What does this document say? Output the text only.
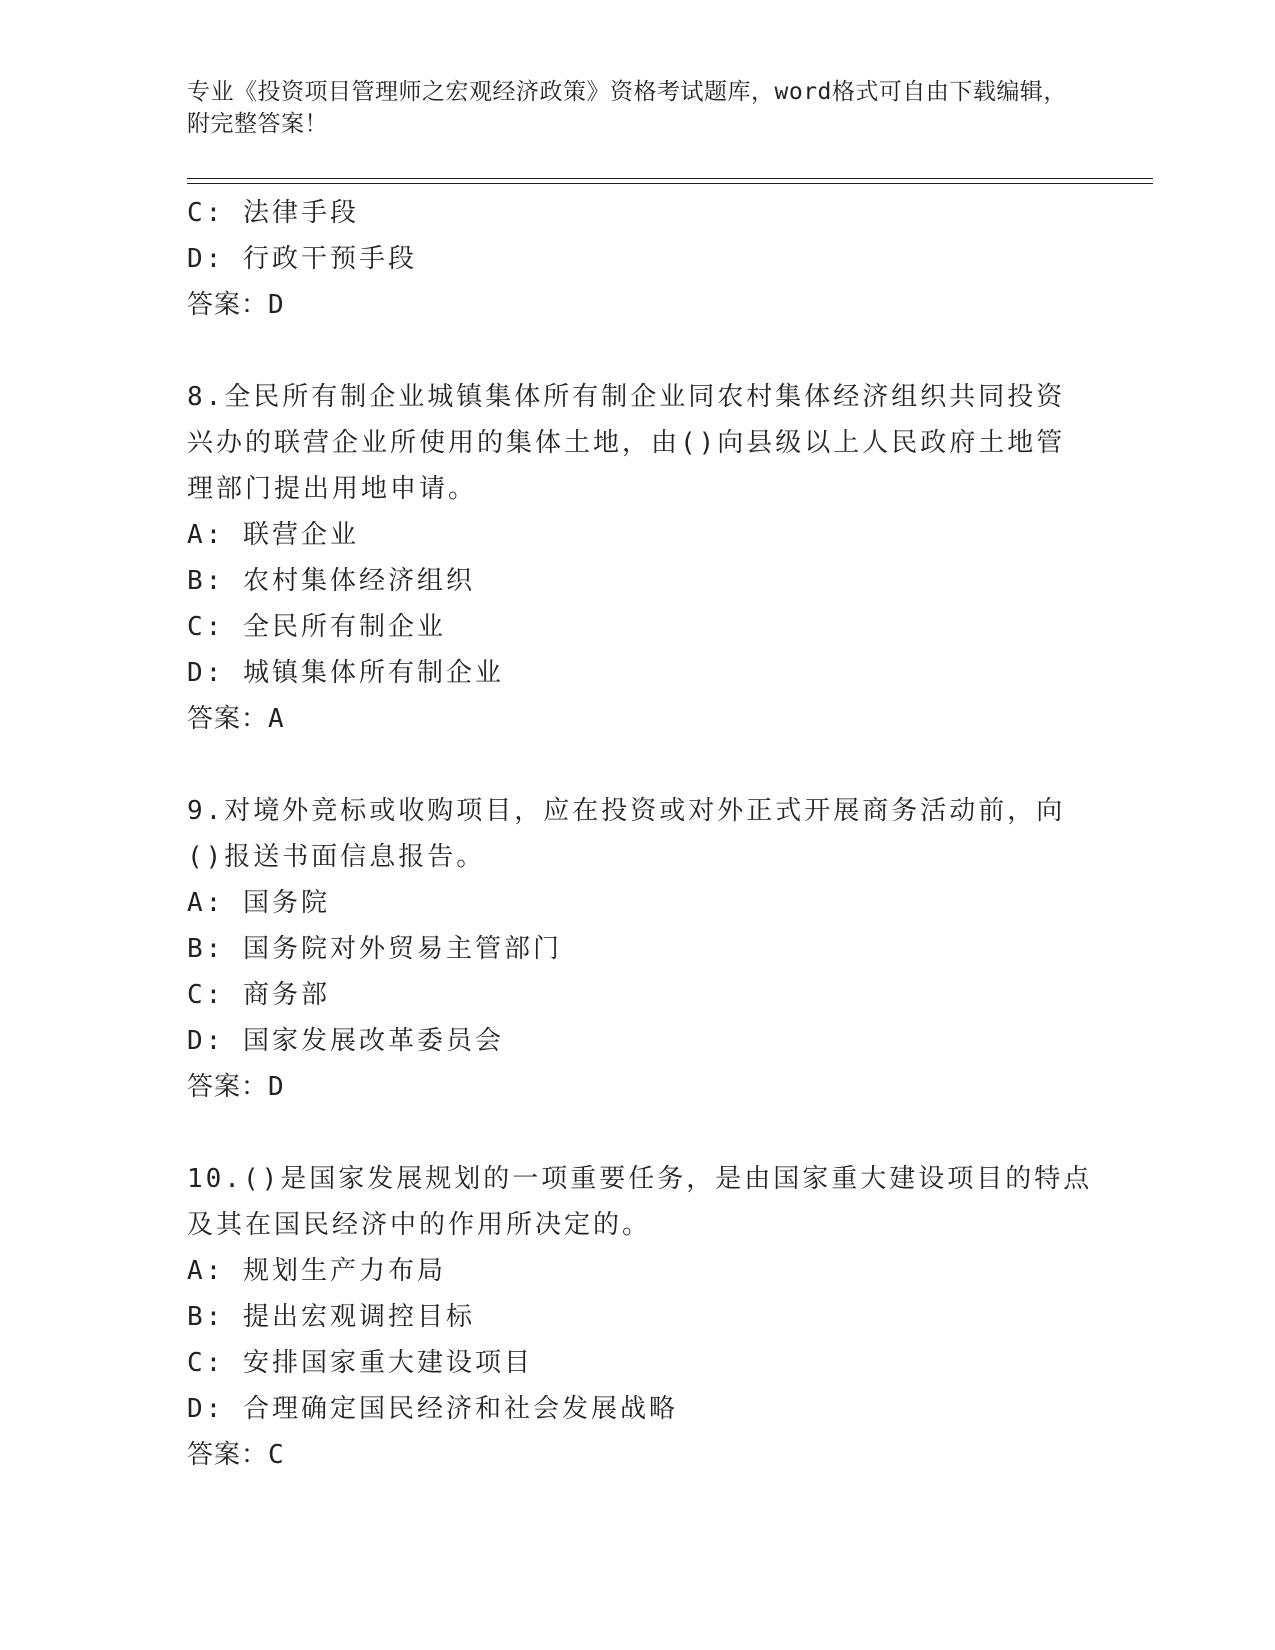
专业《投资项目管理师之宏观经济政策》资格考试题库，word格式可自由下载编辑，附完整答案！
C: 法律手段
D: 行政干预手段
答案：D
8.全民所有制企业城镇集体所有制企业同农村集体经济组织共同投资
兴办的联营企业所使用的集体土地，由()向县级以上人民政府土地管
理部门提出用地申请。
A: 联营企业
B: 农村集体经济组织
C: 全民所有制企业
D: 城镇集体所有制企业
答案：A
9.对境外竞标或收购项目，应在投资或对外正式开展商务活动前，向
()报送书面信息报告。
A: 国务院
B: 国务院对外贸易主管部门
C: 商务部
D: 国家发展改革委员会
答案：D
10.()是国家发展规划的一项重要任务，是由国家重大建设项目的特点
及其在国民经济中的作用所决定的。
A: 规划生产力布局
B: 提出宏观调控目标
C: 安排国家重大建设项目
D: 合理确定国民经济和社会发展战略
答案：C
